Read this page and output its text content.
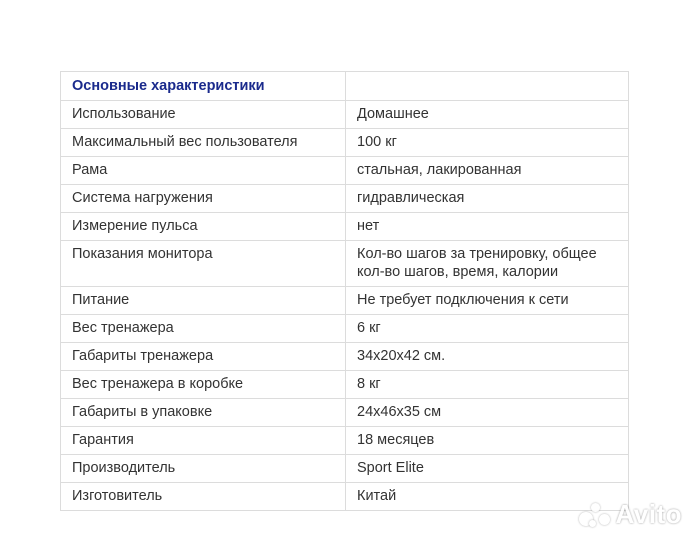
Основные характеристики	
Использование	Домашнее
Максимальный вес пользователя	100 кг
Рама	стальная, лакированная
Система нагружения	гидравлическая
Измерение пульса	нет
Показания монитора	Кол-во шагов за тренировку, общее кол-во шагов, время, калории
Питание	Не требует подключения к сети
Вес тренажера	6 кг
Габариты тренажера	34x20x42 см.
Вес тренажера в коробке	8 кг
Габариты в упаковке	24x46x35 см
Гарантия	18 месяцев
Производитель	Sport Elite
Изготовитель	Китай
Avito
